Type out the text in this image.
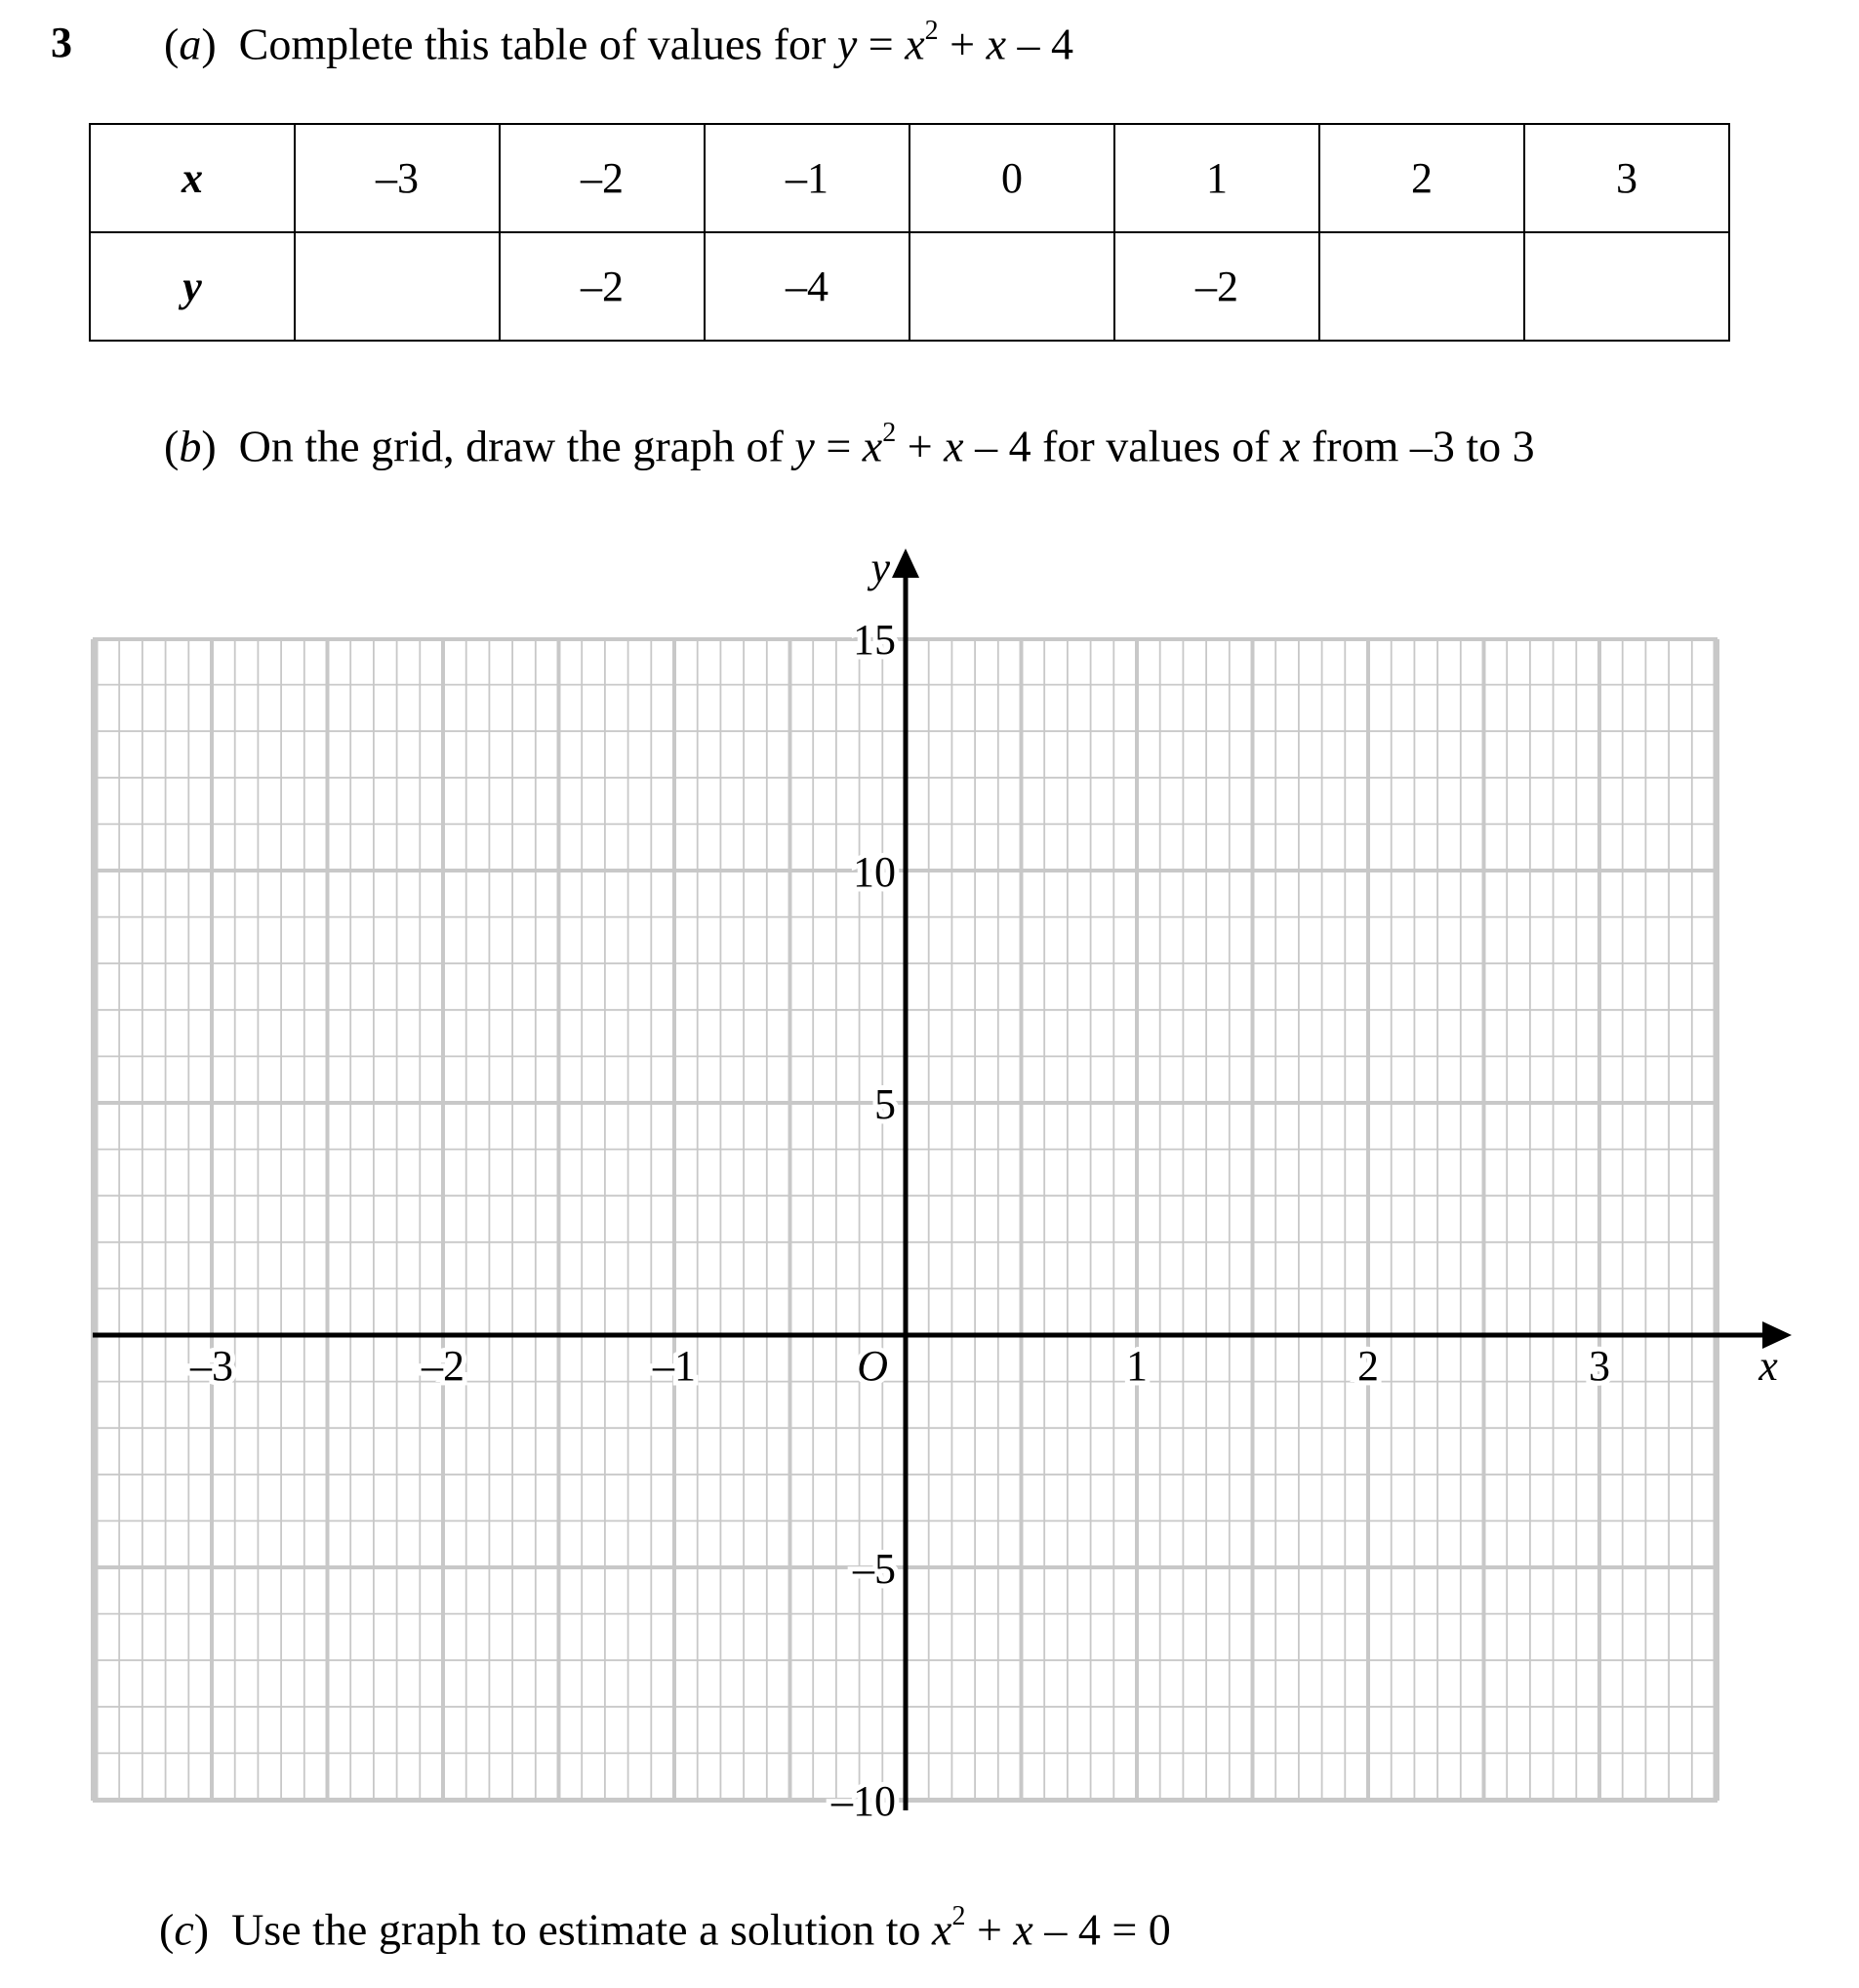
3 (a)  Complete this table of values for $y = x^2 + x - 4$
x	–3	–2	–1	0	1	2	3
y		–2	–4		–2		
(b)  On the grid, draw the graph of $y = x^2 + x - 4$ for values of x from –3 to 3
–3	–2	–1	1	2	3
15
10
5
–5
–10
O	x
y
(c)  Use the graph to estimate a solution to $x^2 + x - 4 = 0$
